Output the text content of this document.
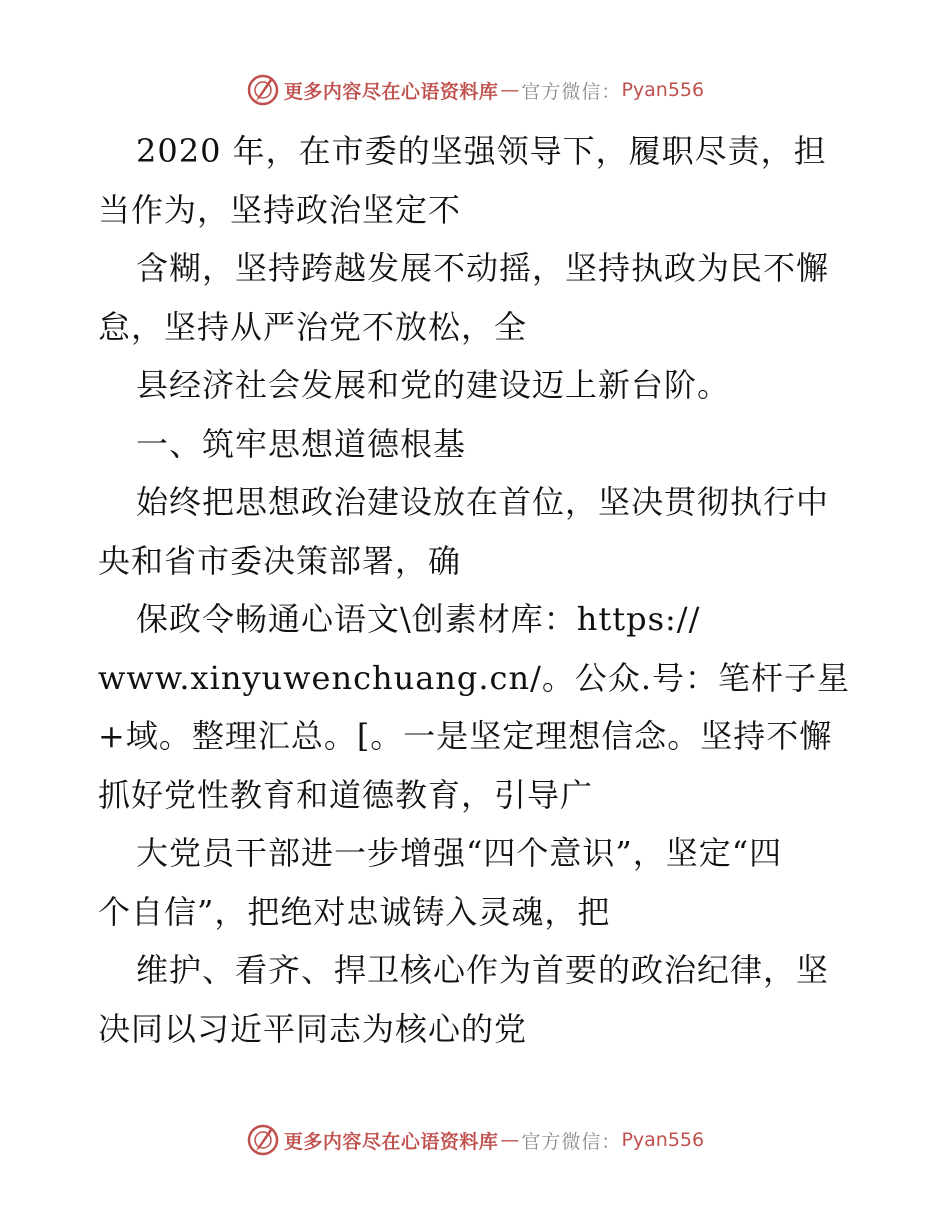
更多内容尽在心语资料库 — 官方微信： Pyan556
2020 年，在市委的坚强领导下，履职尽责，担
当作为，坚持政治坚定不
含糊，坚持跨越发展不动摇，坚持执政为民不懈
怠，坚持从严治党不放松，全
县经济社会发展和党的建设迈上新台阶。
一、筑牢思想道德根基
始终把思想政治建设放在首位，坚决贯彻执行中
央和省市委决策部署，确
保政令畅通心语文\创素材库：https://
www.xinyuwenchuang.cn/。公众.号：笔杆子星
+域。整理汇总。[。一是坚定理想信念。坚持不懈
抓好党性教育和道德教育，引导广
大党员干部进一步增强“四个意识”，坚定“四
个自信”，把绝对忠诚铸入灵魂，把
维护、看齐、捍卫核心作为首要的政治纪律，坚
决同以习近平同志为核心的党
更多内容尽在心语资料库 — 官方微信： Pyan556
